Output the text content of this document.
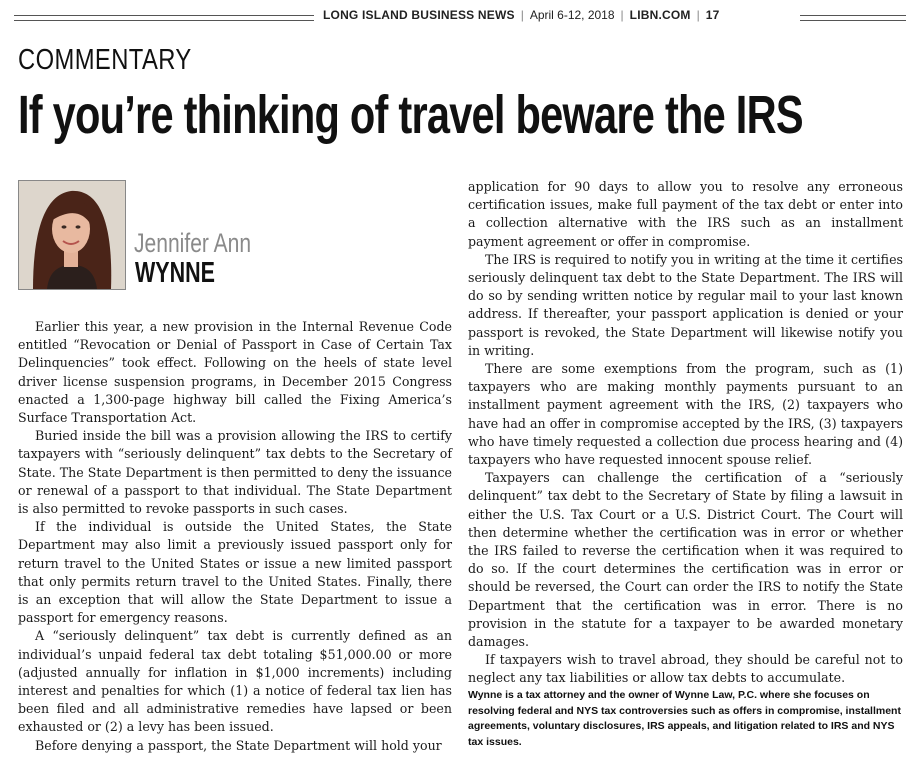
LONG ISLAND BUSINESS NEWS | April 6-12, 2018 | LIBN.COM | 17
COMMENTARY
If you’re thinking of travel beware the IRS
Jennifer Ann
WYNNE

Earlier this year, a new provision in the Internal Revenue Code entitled “Revocation or Denial of Passport in Case of Certain Tax Delinquencies” took effect. Following on the heels of state level driver license suspension programs, in December 2015 Congress enacted a 1,300-page highway bill called the Fixing America’s Surface Transportation Act.

Buried inside the bill was a provision allowing the IRS to certify taxpayers with “seriously delinquent” tax debts to the Secretary of State. The State Department is then permitted to deny the issuance or renewal of a passport to that individual. The State Department is also permitted to revoke passports in such cases.

If the individual is outside the United States, the State Department may also limit a previously issued passport only for return travel to the United States or issue a new limited passport that only permits return travel to the United States. Finally, there is an exception that will allow the State Department to issue a passport for emergency reasons.

A “seriously delinquent” tax debt is currently defined as an individual’s unpaid federal tax debt totaling $51,000.00 or more (adjusted annually for inflation in $1,000 increments) including interest and penalties for which (1) a notice of federal tax lien has been filed and all administrative remedies have lapsed or been exhausted or (2) a levy has been issued.

Before denying a passport, the State Department will hold your

application for 90 days to allow you to resolve any erroneous certification issues, make full payment of the tax debt or enter into a collection alternative with the IRS such as an installment payment agreement or offer in compromise.

The IRS is required to notify you in writing at the time it certifies seriously delinquent tax debt to the State Department. The IRS will do so by sending written notice by regular mail to your last known address. If thereafter, your passport application is denied or your passport is revoked, the State Department will likewise notify you in writing.

There are some exemptions from the program, such as (1) taxpayers who are making monthly payments pursuant to an installment payment agreement with the IRS, (2) taxpayers who have had an offer in compromise accepted by the IRS, (3) taxpayers who have timely requested a collection due process hearing and (4) taxpayers who have requested innocent spouse relief.

Taxpayers can challenge the certification of a “seriously delinquent” tax debt to the Secretary of State by filing a lawsuit in either the U.S. Tax Court or a U.S. District Court. The Court will then determine whether the certification was in error or whether the IRS failed to reverse the certification when it was required to do so. If the court determines the certification was in error or should be reversed, the Court can order the IRS to notify the State Department that the certification was in error. There is no provision in the statute for a taxpayer to be awarded monetary damages.

If taxpayers wish to travel abroad, they should be careful not to neglect any tax liabilities or allow tax debts to accumulate.

Wynne is a tax attorney and the owner of Wynne Law, P.C. where she focuses on resolving federal and NYS tax controversies such as offers in compromise, installment agreements, voluntary disclosures, IRS appeals, and litigation related to IRS and NYS tax issues.
